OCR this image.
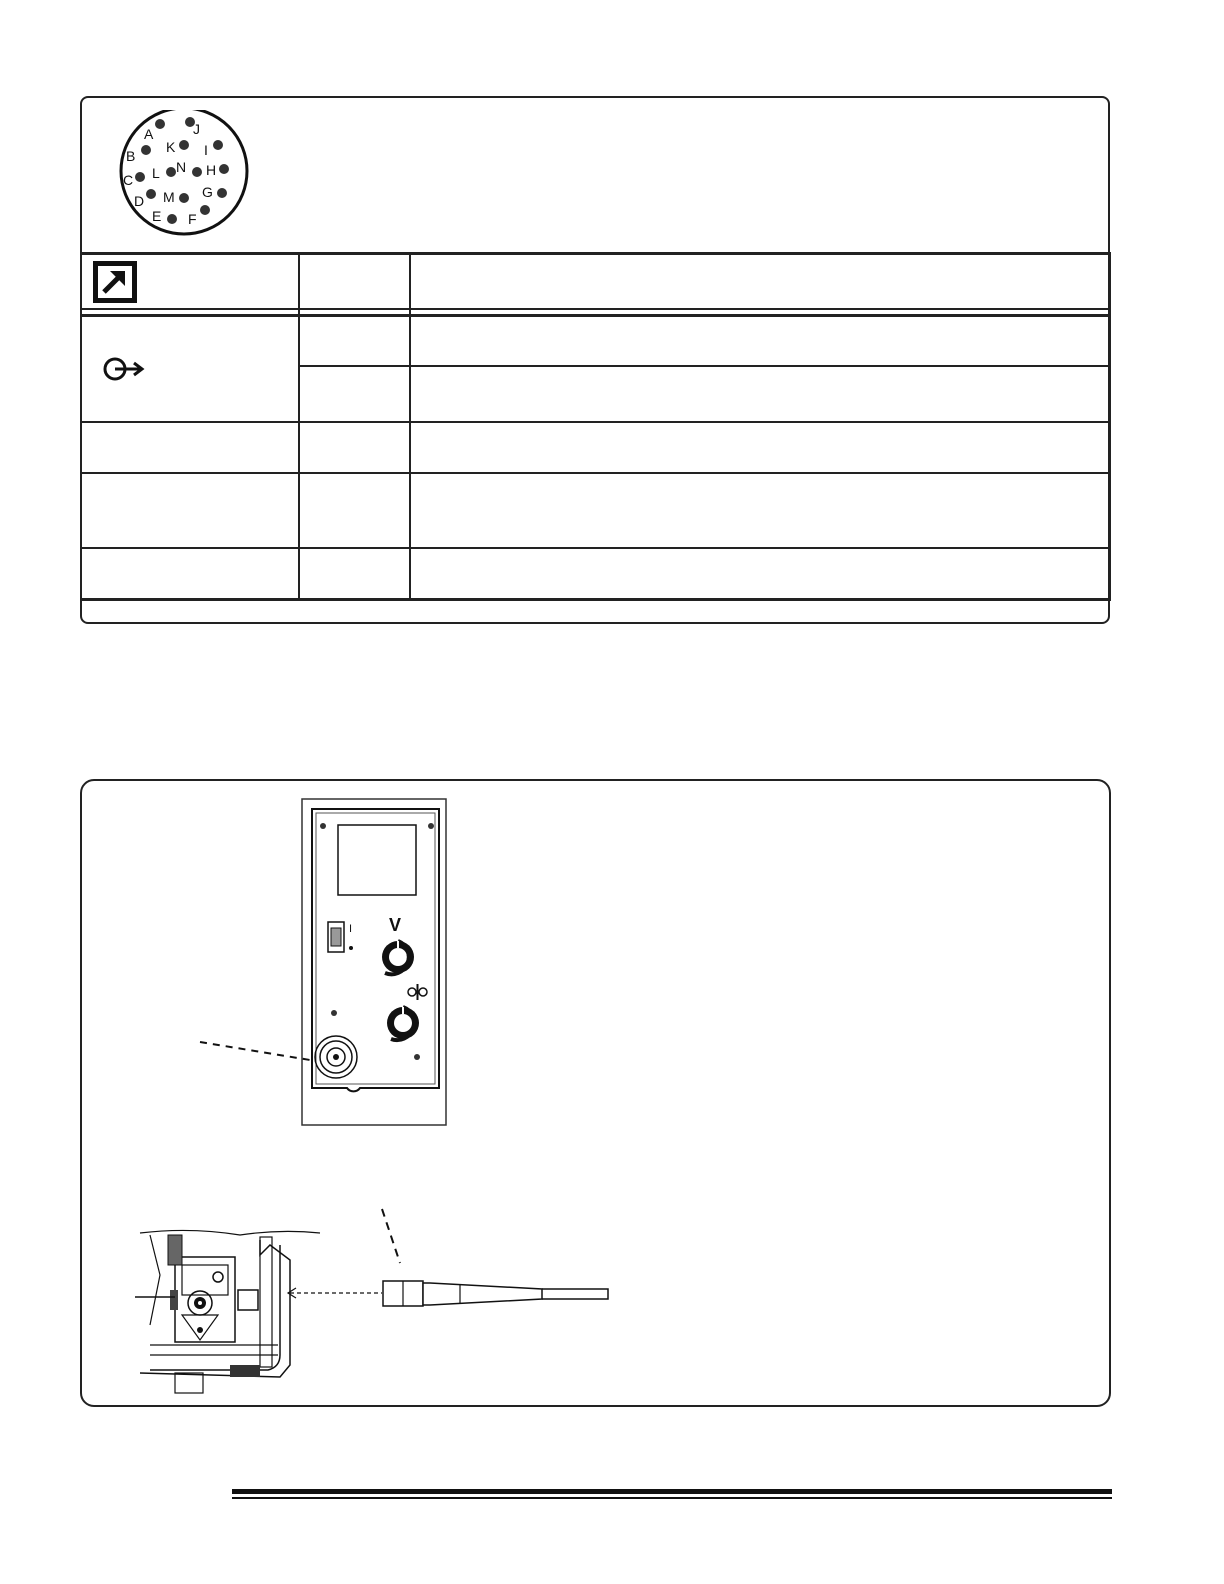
A
B
C
D
E F
G
H
I
J
K
L
M
N
I V
